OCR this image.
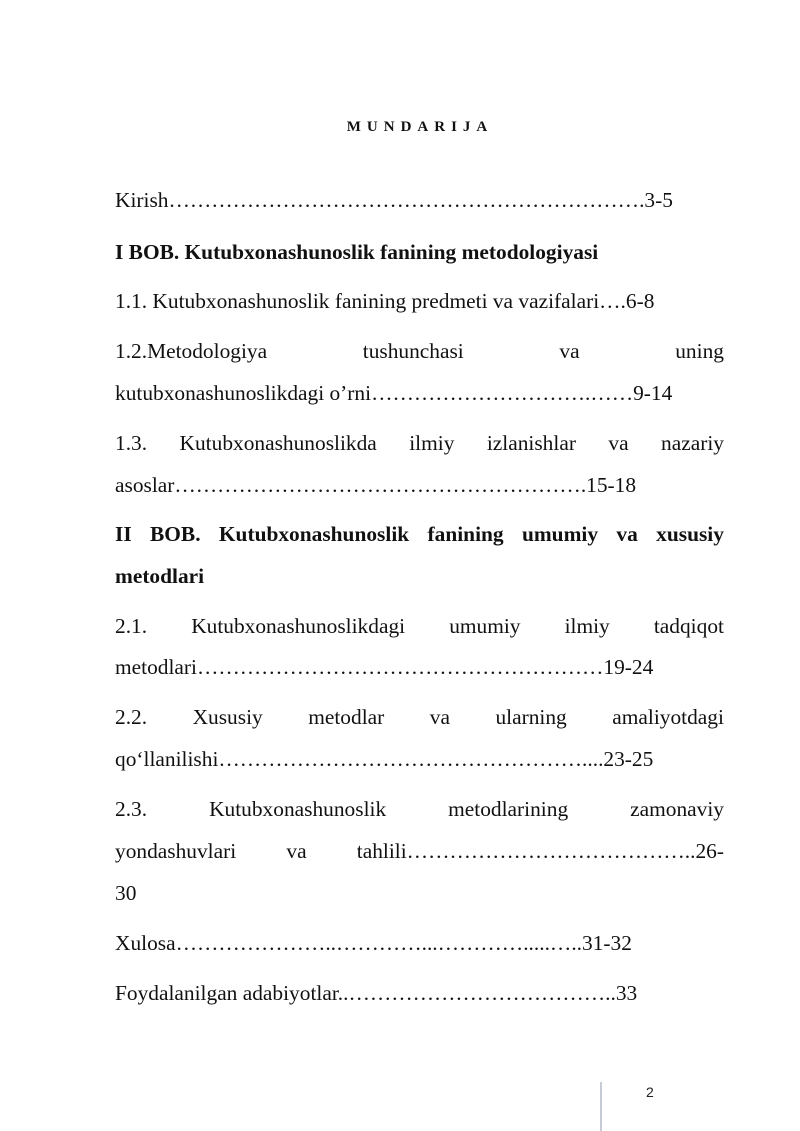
MUNDARIJA
Kirish………………………………………………………….3-5
I BOB. Kutubxonashunoslik fanining metodologiyasi
1.1. Kutubxonashunoslik fanining predmeti va vazifalari….6-8
1.2.Metodologiya	tushunchasi	va	uning
kutubxonashunoslikdagi o’rni………………………….……9-14
1.3. Kutubxonashunoslikda ilmiy izlanishlar va nazariy
asoslar………………………………………………….15-18
II BOB. Kutubxonashunoslik fanining umumiy va xususiy
metodlari
2.1. Kutubxonashunoslikdagi umumiy ilmiy tadqiqot
metodlari…………………………………………………19-24
2.2. Xususiy metodlar va ularning amaliyotdagi
qo‘llanilishi……………………………………………....23-25
2.3.	Kutubxonashunoslik	metodlarining	zamonaviy
yondashuvlari va tahlili…………………………………..26-
30
Xulosa…………………..…………...………….....…..31-32
Foydalanilgan adabiyotlar..………………………………..33
2
